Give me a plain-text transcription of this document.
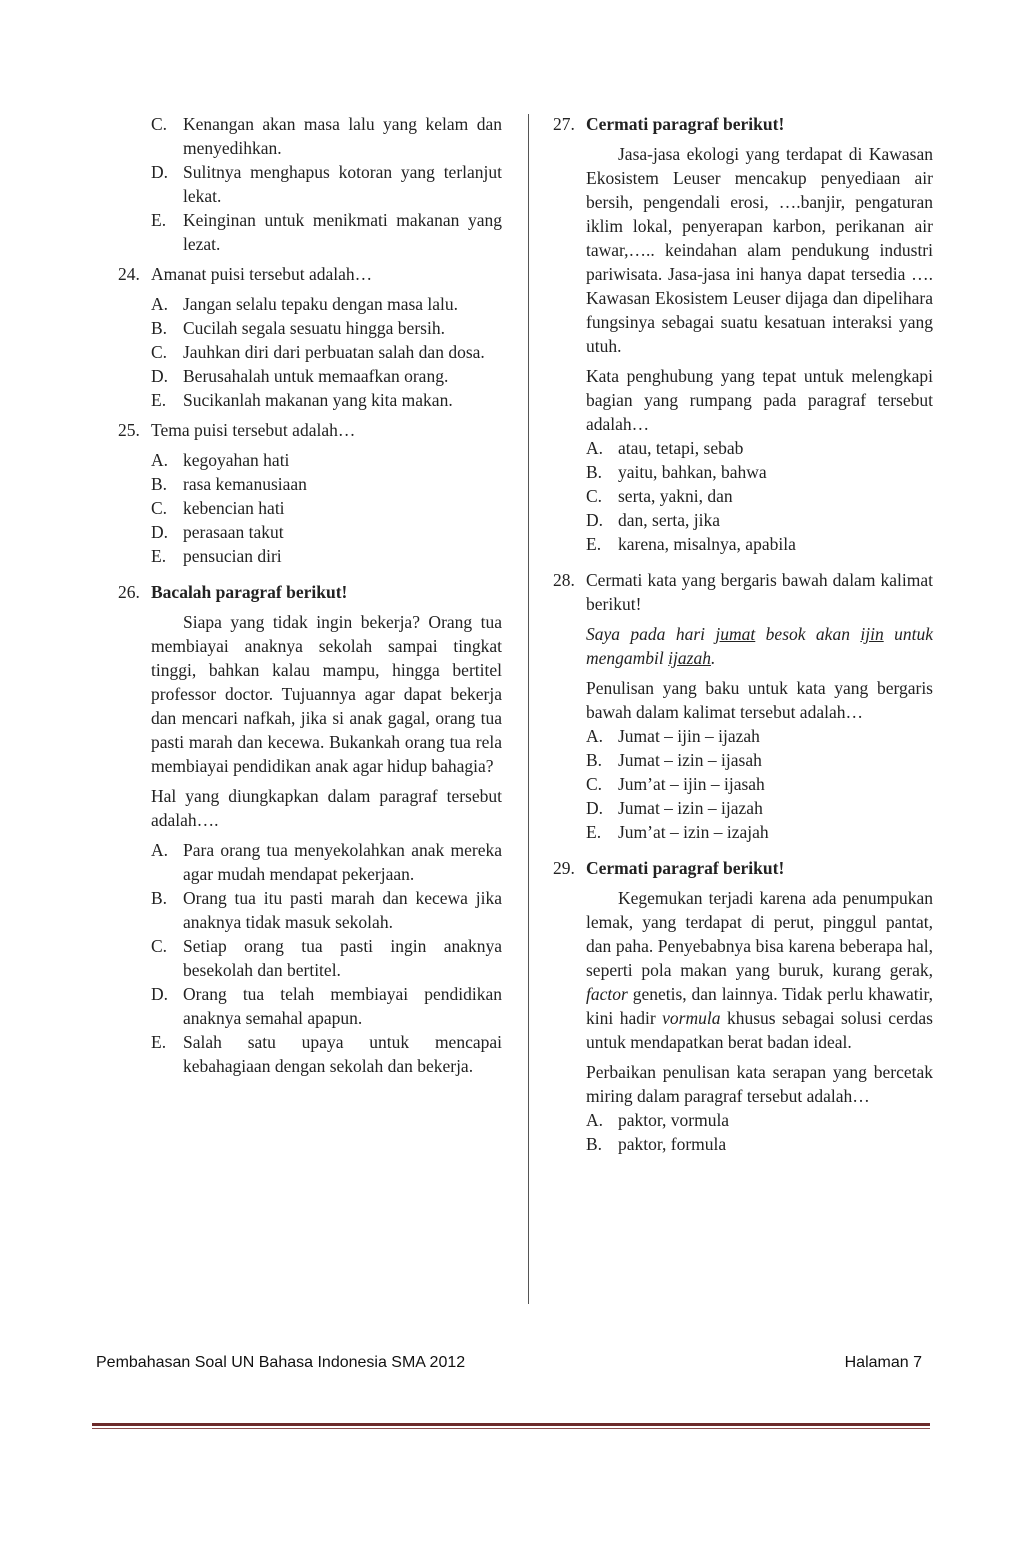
C. Kenangan akan masa lalu yang kelam dan menyedihkan.
D. Sulitnya menghapus kotoran yang terlanjut lekat.
E. Keinginan untuk menikmati makanan yang lezat.
24. Amanat puisi tersebut adalah…
A. Jangan selalu tepaku dengan masa lalu.
B. Cucilah segala sesuatu hingga bersih.
C. Jauhkan diri dari perbuatan salah dan dosa.
D. Berusahalah untuk memaafkan orang.
E. Sucikanlah makanan yang kita makan.
25. Tema puisi tersebut adalah…
A. kegoyahan hati
B. rasa kemanusiaan
C. kebencian hati
D. perasaan takut
E. pensucian diri
26. Bacalah paragraf berikut!
Siapa yang tidak ingin bekerja? Orang tua membiayai anaknya sekolah sampai tingkat tinggi, bahkan kalau mampu, hingga bertitel professor doctor. Tujuannya agar dapat bekerja dan mencari nafkah, jika si anak gagal, orang tua pasti marah dan kecewa. Bukankah orang tua rela membiayai pendidikan anak agar hidup bahagia?
Hal yang diungkapkan dalam paragraf tersebut adalah….
A. Para orang tua menyekolahkan anak mereka agar mudah mendapat pekerjaan.
B. Orang tua itu pasti marah dan kecewa jika anaknya tidak masuk sekolah.
C. Setiap orang tua pasti ingin anaknya besekolah dan bertitel.
D. Orang tua telah membiayai pendidikan anaknya semahal apapun.
E. Salah satu upaya untuk mencapai kebahagiaan dengan sekolah dan bekerja.
27. Cermati paragraf berikut!
Jasa-jasa ekologi yang terdapat di Kawasan Ekosistem Leuser mencakup penyediaan air bersih, pengendali erosi, ….banjir, pengaturan iklim lokal, penyerapan karbon, perikanan air tawar,….. keindahan alam pendukung industri pariwisata. Jasa-jasa ini hanya dapat tersedia …. Kawasan Ekosistem Leuser dijaga dan dipelihara fungsinya sebagai suatu kesatuan interaksi yang utuh.
Kata penghubung yang tepat untuk melengkapi bagian yang rumpang pada paragraf tersebut adalah…
A. atau, tetapi, sebab
B. yaitu, bahkan, bahwa
C. serta, yakni, dan
D. dan, serta, jika
E. karena, misalnya, apabila
28. Cermati kata yang bergaris bawah dalam kalimat berikut!
Saya pada hari jumat besok akan ijin untuk mengambil ijazah.
Penulisan yang baku untuk kata yang bergaris bawah dalam kalimat tersebut adalah…
A. Jumat – ijin – ijazah
B. Jumat – izin – ijasah
C. Jum’at – ijin – ijasah
D. Jumat – izin – ijazah
E. Jum’at – izin – izajah
29. Cermati paragraf berikut!
Kegemukan terjadi karena ada penumpukan lemak, yang terdapat di perut, pinggul pantat, dan paha. Penyebabnya bisa karena beberapa hal, seperti pola makan yang buruk, kurang gerak, factor genetis, dan lainnya. Tidak perlu khawatir, kini hadir vormula khusus sebagai solusi cerdas untuk mendapatkan berat badan ideal.
Perbaikan penulisan kata serapan yang bercetak miring dalam paragraf tersebut adalah…
A. paktor, vormula
B. paktor, formula
Pembahasan Soal UN Bahasa Indonesia SMA 2012	Halaman 7
